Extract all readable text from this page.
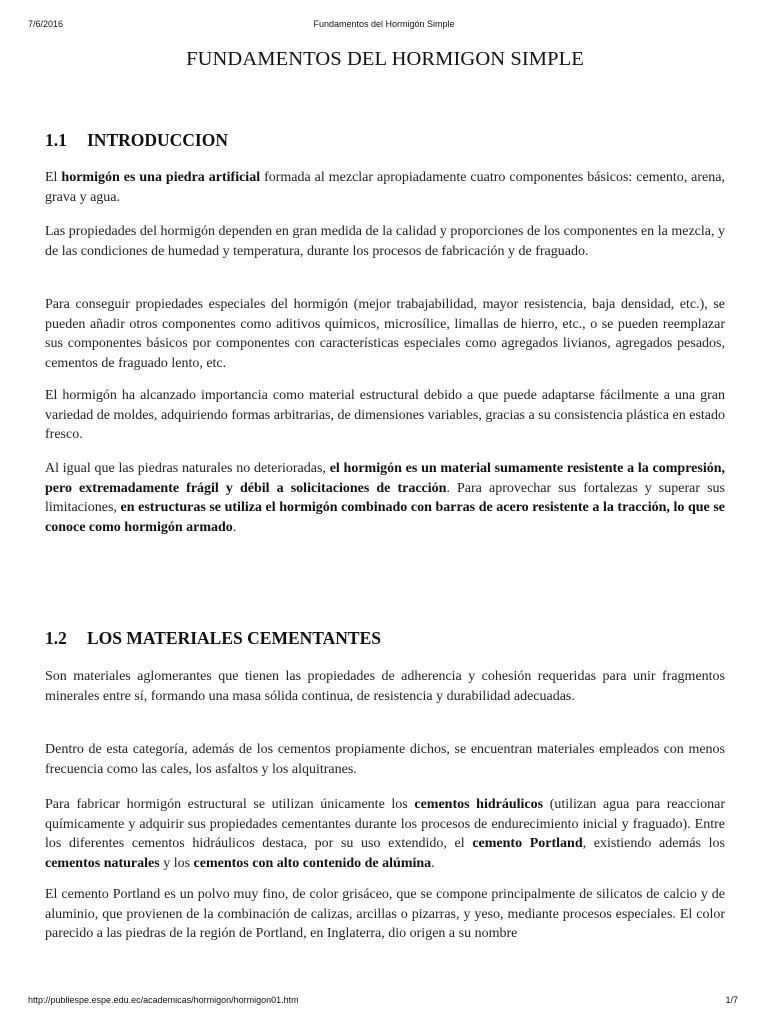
7/6/2016	Fundamentos del Hormigón Simple
FUNDAMENTOS DEL HORMIGON SIMPLE
1.1 INTRODUCCION

El hormigón es una piedra artificial formada al mezclar apropiadamente cuatro componentes básicos: cemento, arena, grava y agua.

Las propiedades del hormigón dependen en gran medida de la calidad y proporciones de los componentes en la mezcla, y de las condiciones de humedad y temperatura, durante los procesos de fabricación y de fraguado.

Para conseguir propiedades especiales del hormigón (mejor trabajabilidad, mayor resistencia, baja densidad, etc.), se pueden añadir otros componentes como aditivos químicos, microsílice, limallas de hierro, etc., o se pueden reemplazar sus componentes básicos por componentes con características especiales como agregados livianos, agregados pesados, cementos de fraguado lento, etc.

El hormigón ha alcanzado importancia como material estructural debido a que puede adaptarse fácilmente a una gran variedad de moldes, adquiriendo formas arbitrarias, de dimensiones variables, gracias a su consistencia plástica en estado fresco.

Al igual que las piedras naturales no deterioradas, el hormigón es un material sumamente resistente a la compresión, pero extremadamente frágil y débil a solicitaciones de tracción. Para aprovechar sus fortalezas y superar sus limitaciones, en estructuras se utiliza el hormigón combinado con barras de acero resistente a la tracción, lo que se conoce como hormigón armado.

1.2 LOS MATERIALES CEMENTANTES

Son materiales aglomerantes que tienen las propiedades de adherencia y cohesión requeridas para unir fragmentos minerales entre sí, formando una masa sólida continua, de resistencia y durabilidad adecuadas.

Dentro de esta categoría, además de los cementos propiamente dichos, se encuentran materiales empleados con menos frecuencia como las cales, los asfaltos y los alquitranes.

Para fabricar hormigón estructural se utilizan únicamente los cementos hidráulicos (utilizan agua para reaccionar químicamente y adquirir sus propiedades cementantes durante los procesos de endurecimiento inicial y fraguado). Entre los diferentes cementos hidráulicos destaca, por su uso extendido, el cemento Portland, existiendo además los cementos naturales y los cementos con alto contenido de alúmina.

El cemento Portland es un polvo muy fino, de color grisáceo, que se compone principalmente de silicatos de calcio y de aluminio, que provienen de la combinación de calizas, arcillas o pizarras, y yeso, mediante procesos especiales. El color parecido a las piedras de la región de Portland, en Inglaterra, dio origen a su nombre

http://publiespe.espe.edu.ec/academicas/hormigon/hormigon01.htm	1/7
